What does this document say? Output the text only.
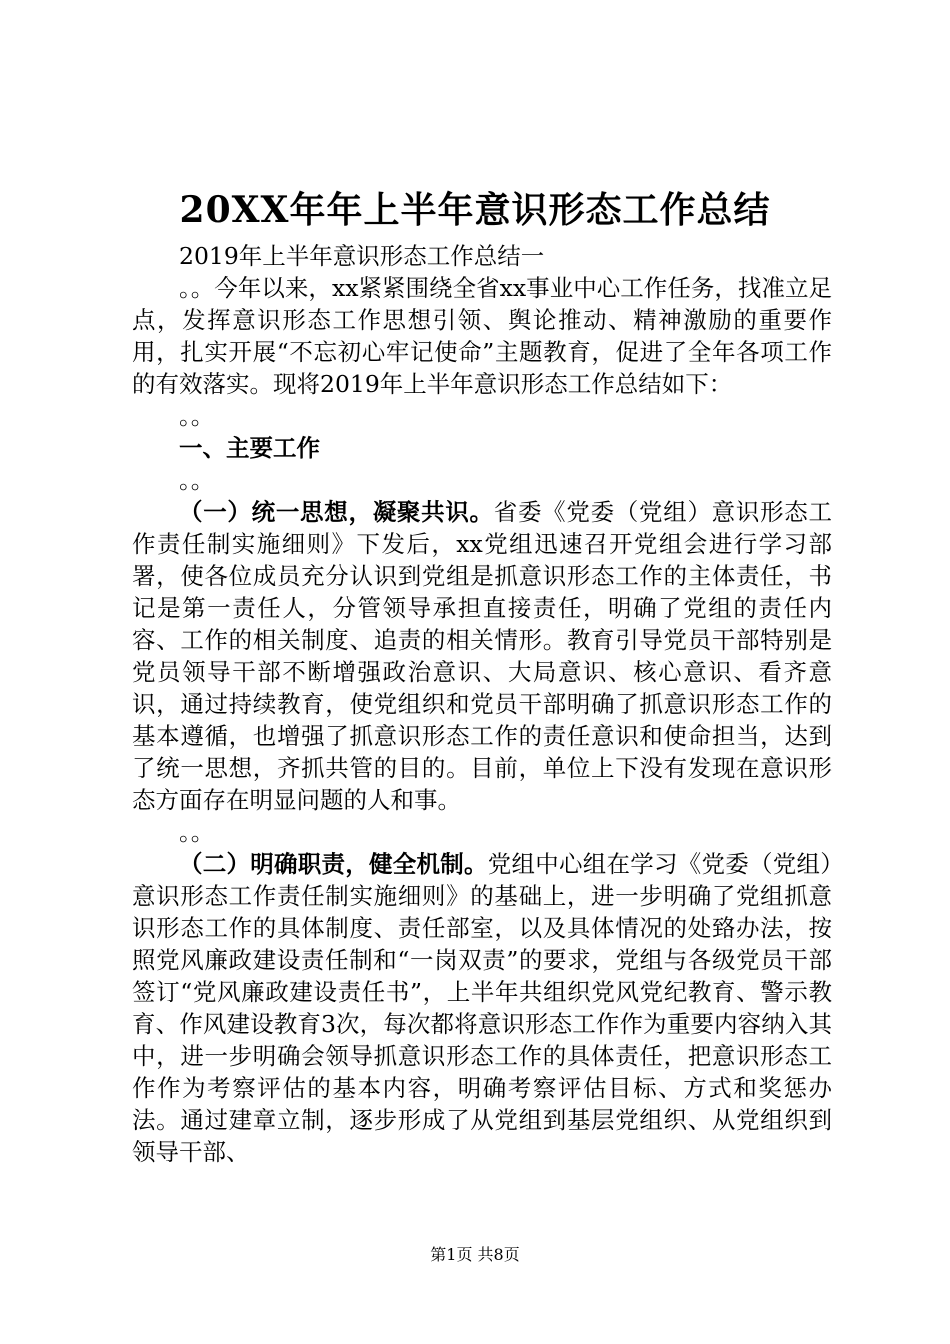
20XX年年上半年意识形态工作总结

2019年上半年意识形态工作总结一

。。今年以来，xx紧紧围绕全省xx事业中心工作任务，找准立足点，发挥意识形态工作思想引领、舆论推动、精神激励的重要作用，扎实开展“不忘初心牢记使命”主题教育，促进了全年各项工作的有效落实。现将2019年上半年意识形态工作总结如下：

。。

一、主要工作

。。

（一）统一思想，凝聚共识。省委《党委（党组）意识形态工作责任制实施细则》下发后，xx党组迅速召开党组会进行学习部署，使各位成员充分认识到党组是抓意识形态工作的主体责任，书记是第一责任人，分管领导承担直接责任，明确了党组的责任内容、工作的相关制度、追责的相关情形。教育引导党员干部特别是党员领导干部不断增强政治意识、大局意识、核心意识、看齐意识，通过持续教育，使党组织和党员干部明确了抓意识形态工作的基本遵循，也增强了抓意识形态工作的责任意识和使命担当，达到了统一思想，齐抓共管的目的。目前，单位上下没有发现在意识形态方面存在明显问题的人和事。

。。

（二）明确职责，健全机制。党组中心组在学习《党委（党组）意识形态工作责任制实施细则》的基础上，进一步明确了党组抓意识形态工作的具体制度、责任部室，以及具体情况的处臵办法，按照党风廉政建设责任制和“一岗双责”的要求，党组与各级党员干部签订“党风廉政建设责任书”，上半年共组织党风党纪教育、警示教育、作风建设教育3次，每次都将意识形态工作作为重要内容纳入其中，进一步明确会领导抓意识形态工作的具体责任，把意识形态工作作为考察评估的基本内容，明确考察评估目标、方式和奖惩办法。通过建章立制，逐步形成了从党组到基层党组织、从党组织到领导干部、

第1页 共8页
